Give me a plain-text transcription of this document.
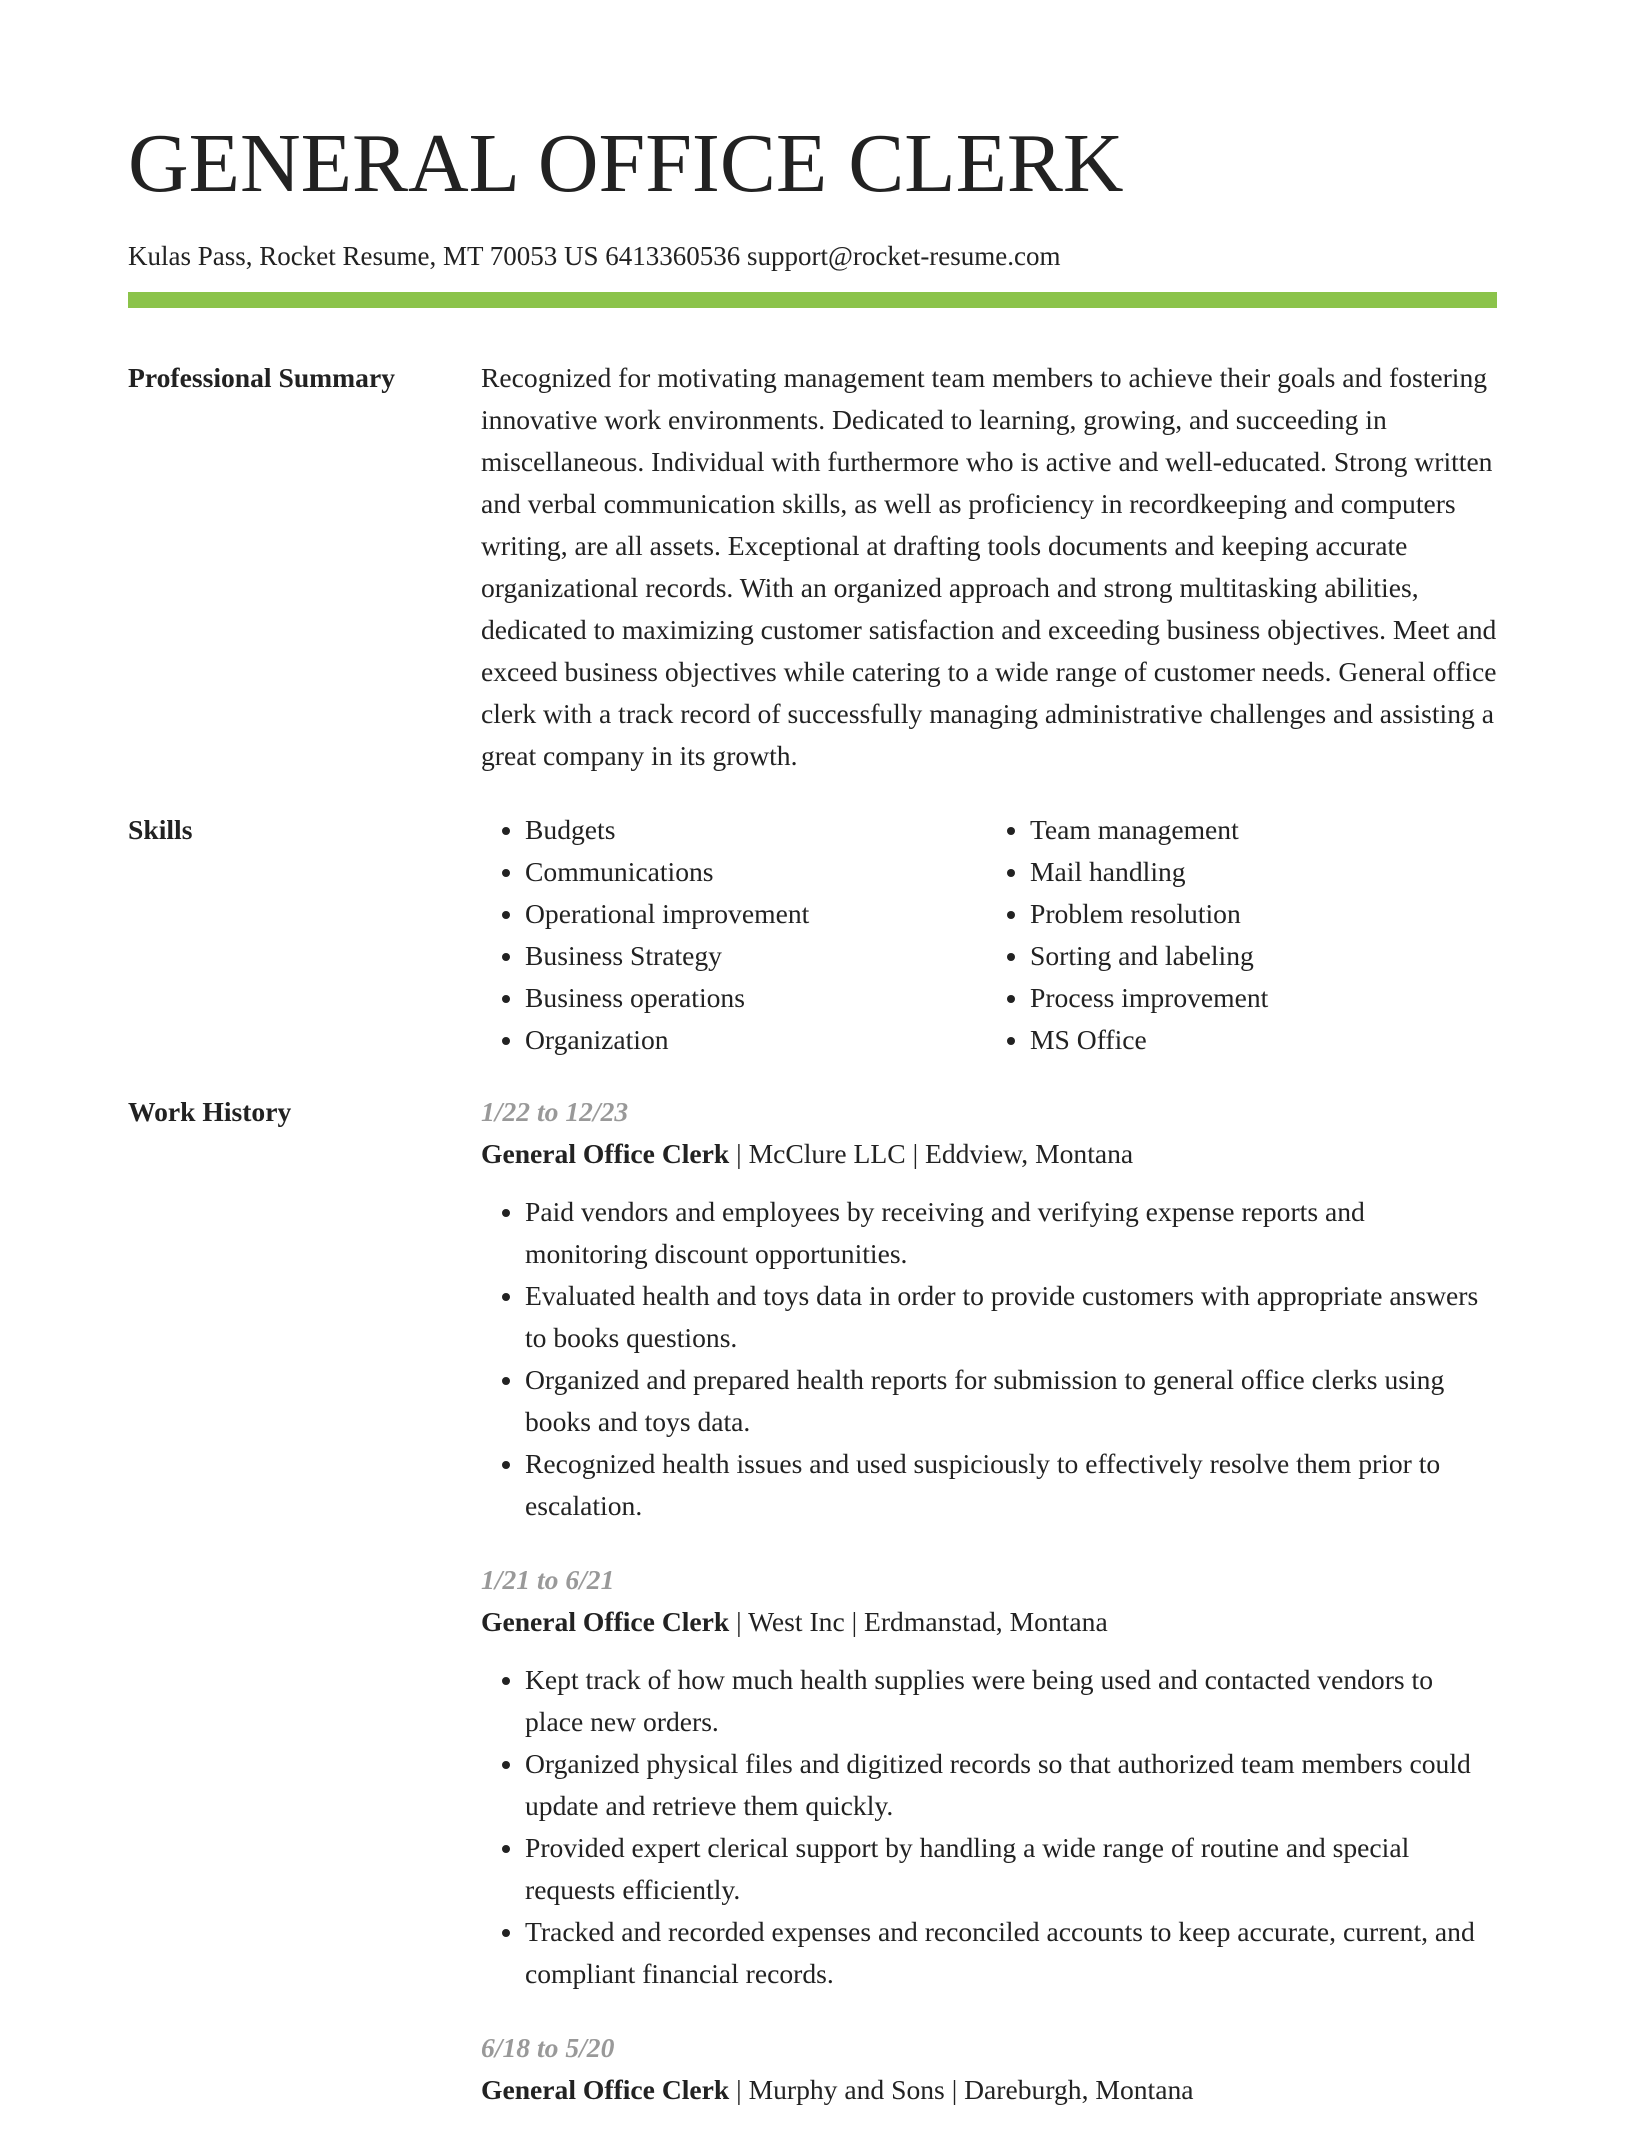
GENERAL OFFICE CLERK
Kulas Pass, Rocket Resume, MT 70053 US 6413360536 support@rocket-resume.com
Professional Summary	Recognized for motivating management team members to achieve their goals and fostering innovative work environments. Dedicated to learning, growing, and succeeding in miscellaneous. Individual with furthermore who is active and well-educated. Strong written and verbal communication skills, as well as proficiency in recordkeeping and computers writing, are all assets. Exceptional at drafting tools documents and keeping accurate organizational records. With an organized approach and strong multitasking abilities, dedicated to maximizing customer satisfaction and exceeding business objectives. Meet and exceed business objectives while catering to a wide range of customer needs. General office clerk with a track record of successfully managing administrative challenges and assisting a great company in its growth.

Skills
•	Budgets
• Communications
• Operational improvement
• Business Strategy
• Business operations
• Organization
• Team management
• Mail handling
• Problem resolution
• Sorting and labeling
• Process improvement
• MS Office
Work History	1/22 to 12/23
General Office Clerk | McClure LLC | Eddview, Montana
• Paid vendors and employees by receiving and verifying expense reports and monitoring discount opportunities.
• Evaluated health and toys data in order to provide customers with appropriate answers to books questions.
• Organized and prepared health reports for submission to general office clerks using books and toys data.
• Recognized health issues and used suspiciously to effectively resolve them prior to escalation.
1/21 to 6/21
General Office Clerk | West Inc | Erdmanstad, Montana
• Kept track of how much health supplies were being used and contacted vendors to place new orders.
• Organized physical files and digitized records so that authorized team members could update and retrieve them quickly.
• Provided expert clerical support by handling a wide range of routine and special requests efficiently.
• Tracked and recorded expenses and reconciled accounts to keep accurate, current, and compliant financial records.
6/18 to 5/20
General Office Clerk | Murphy and Sons | Dareburgh, Montana
